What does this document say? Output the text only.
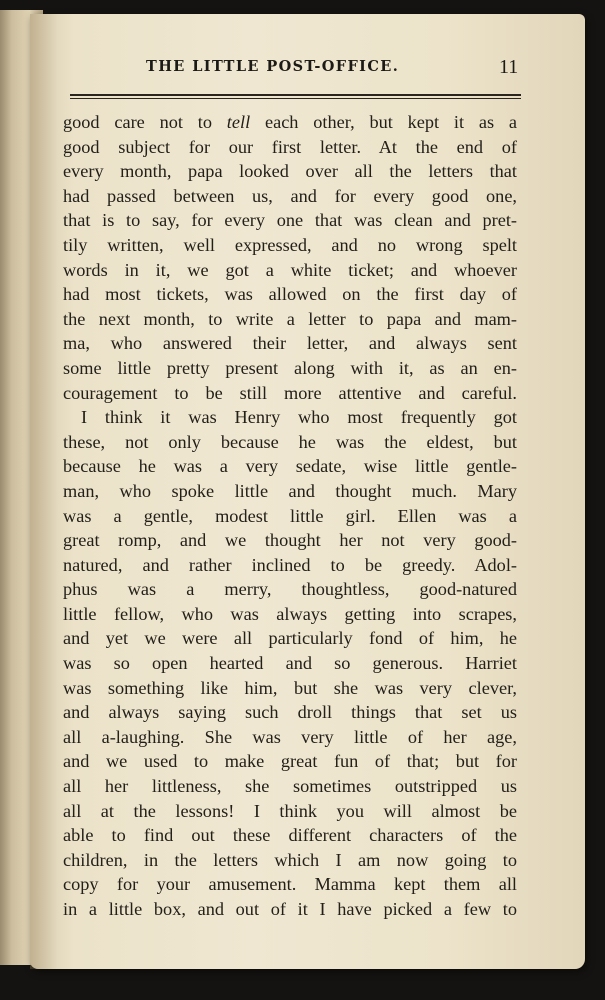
THE LITTLE POST-OFFICE.	11
good care not to tell each other, but kept it as a
good subject for our first letter. At the end of
every month, papa looked over all the letters that
had passed between us, and for every good one,
that is to say, for every one that was clean and pret-
tily written, well expressed, and no wrong spelt
words in it, we got a white ticket; and whoever
had most tickets, was allowed on the first day of
the next month, to write a letter to papa and mam-
ma, who answered their letter, and always sent
some little pretty present along with it, as an en-
couragement to be still more attentive and careful.
I think it was Henry who most frequently got
these, not only because he was the eldest, but
because he was a very sedate, wise little gentle-
man, who spoke little and thought much. Mary
was a gentle, modest little girl. Ellen was a
great romp, and we thought her not very good-
natured, and rather inclined to be greedy. Adol-
phus was a merry, thoughtless, good-natured
little fellow, who was always getting into scrapes,
and yet we were all particularly fond of him, he
was so open hearted and so generous. Harriet
was something like him, but she was very clever,
and always saying such droll things that set us
all a-laughing. She was very little of her age,
and we used to make great fun of that; but for
all her littleness, she sometimes outstripped us
all at the lessons! I think you will almost be
able to find out these different characters of the
children, in the letters which I am now going to
copy for your amusement. Mamma kept them all
in a little box, and out of it I have picked a few to
